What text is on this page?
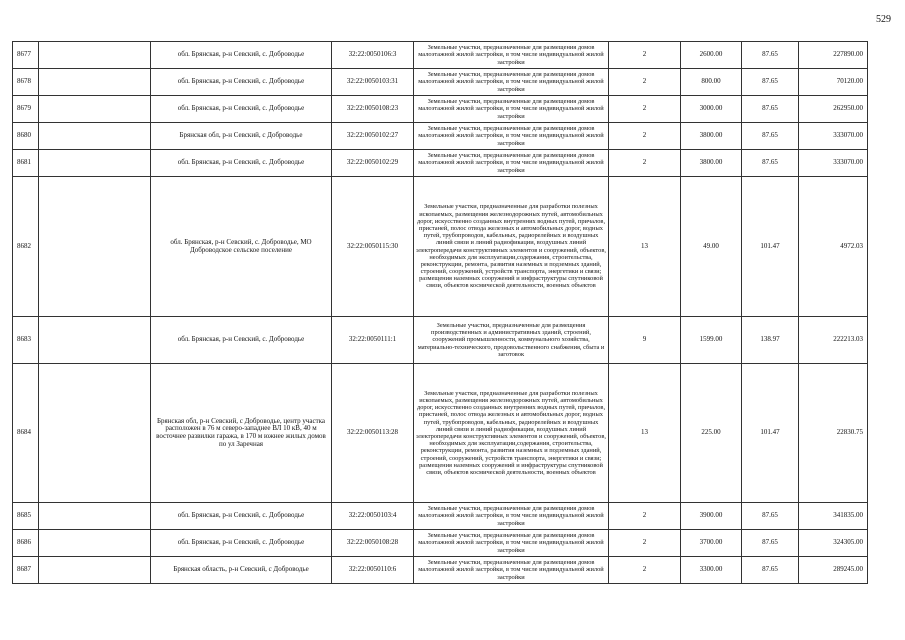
529
8677		обл. Брянская, р-н Севский, с. Доброводье	32:22:0050106:3	Земельные участки, предназначенные для размещения домов малоэтажной жилой застройки, в том числе индивидуальной жилой застройки	2	2600.00	87.65	227890.00
8678		обл. Брянская, р-н Севский, с. Доброводье	32:22:0050103:31	Земельные участки, предназначенные для размещения домов малоэтажной жилой застройки, в том числе индивидуальной жилой застройки	2	800.00	87.65	70120.00
8679		обл. Брянская, р-н Севский, с. Доброводье	32:22:0050108:23	Земельные участки, предназначенные для размещения домов малоэтажной жилой застройки, в том числе индивидуальной жилой застройки	2	3000.00	87.65	262950.00
8680		Брянская обл, р-н Севский, с Доброводье	32:22:0050102:27	Земельные участки, предназначенные для размещения домов малоэтажной жилой застройки, в том числе индивидуальной жилой застройки	2	3800.00	87.65	333070.00
8681		обл. Брянская, р-н Севский, с. Доброводье	32:22:0050102:29	Земельные участки, предназначенные для размещения домов малоэтажной жилой застройки, в том числе индивидуальной жилой застройки	2	3800.00	87.65	333070.00
8682		обл. Брянская, р-н Севский, с. Доброводье, МО Доброводское сельское поселение	32:22:0050115:30	Земельные участки, предназначенные для разработки полезных ископаемых, размещения железнодорожных путей, автомобильных дорог, искусственно созданных внутренних водных путей, причалов, пристаней, полос отвода железных и автомобильных дорог, водных путей, трубопроводов, кабельных, радиорелейных и воздушных линий связи и линий радиофикации, воздушных линий электропередачи конструктивных элементов и сооружений, объектов, необходимых для эксплуатации,содержания, строительства, реконструкции, ремонта, развития наземных и подземных зданий, строений, сооружений, устройств транспорта, энергетики и связи; размещения наземных сооружений и инфраструктуры спутниковой связи, объектов космической деятельности, военных объектов	13	49.00	101.47	4972.03
8683		обл. Брянская, р-н Севский, с. Доброводье	32:22:0050111:1	Земельные участки, предназначенные для размещения производственных и административных зданий, строений, сооружений промышленности, коммунального хозяйства, материально-технического, продовольственного снабжения, сбыта и заготовок	9	1599.00	138.97	222213.03
8684		Брянская обл, р-н Севский, с Доброводье, центр участка расположен в 76 м северо-западнее ВЛ 10 кВ, 40 м восточнее развилки гаража, в 170 м южнее жилых домов по ул Заречная	32:22:0050113:28	Земельные участки, предназначенные для разработки полезных ископаемых, размещения железнодорожных путей, автомобильных дорог, искусственно созданных внутренних водных путей, причалов, пристаней, полос отвода железных и автомобильных дорог, водных путей, трубопроводов, кабельных, радиорелейных и воздушных линий связи и линий радиофикации, воздушных линий электропередачи конструктивных элементов и сооружений, объектов, необходимых для эксплуатации,содержания, строительства, реконструкции, ремонта, развития наземных и подземных зданий, строений, сооружений, устройств транспорта, энергетики и связи; размещения наземных сооружений и инфраструктуры спутниковой связи, объектов космической деятельности, военных объектов	13	225.00	101.47	22830.75
8685		обл. Брянская, р-н Севский, с. Доброводье	32:22:0050103:4	Земельные участки, предназначенные для размещения домов малоэтажной жилой застройки, в том числе индивидуальной жилой застройки	2	3900.00	87.65	341835.00
8686		обл. Брянская, р-н Севский, с. Доброводье	32:22:0050108:28	Земельные участки, предназначенные для размещения домов малоэтажной жилой застройки, в том числе индивидуальной жилой застройки	2	3700.00	87.65	324305.00
8687		Брянская область, р-н Севский, с Доброводье	32:22:0050110:6	Земельные участки, предназначенные для размещения домов малоэтажной жилой застройки, в том числе индивидуальной жилой застройки	2	3300.00	87.65	289245.00
